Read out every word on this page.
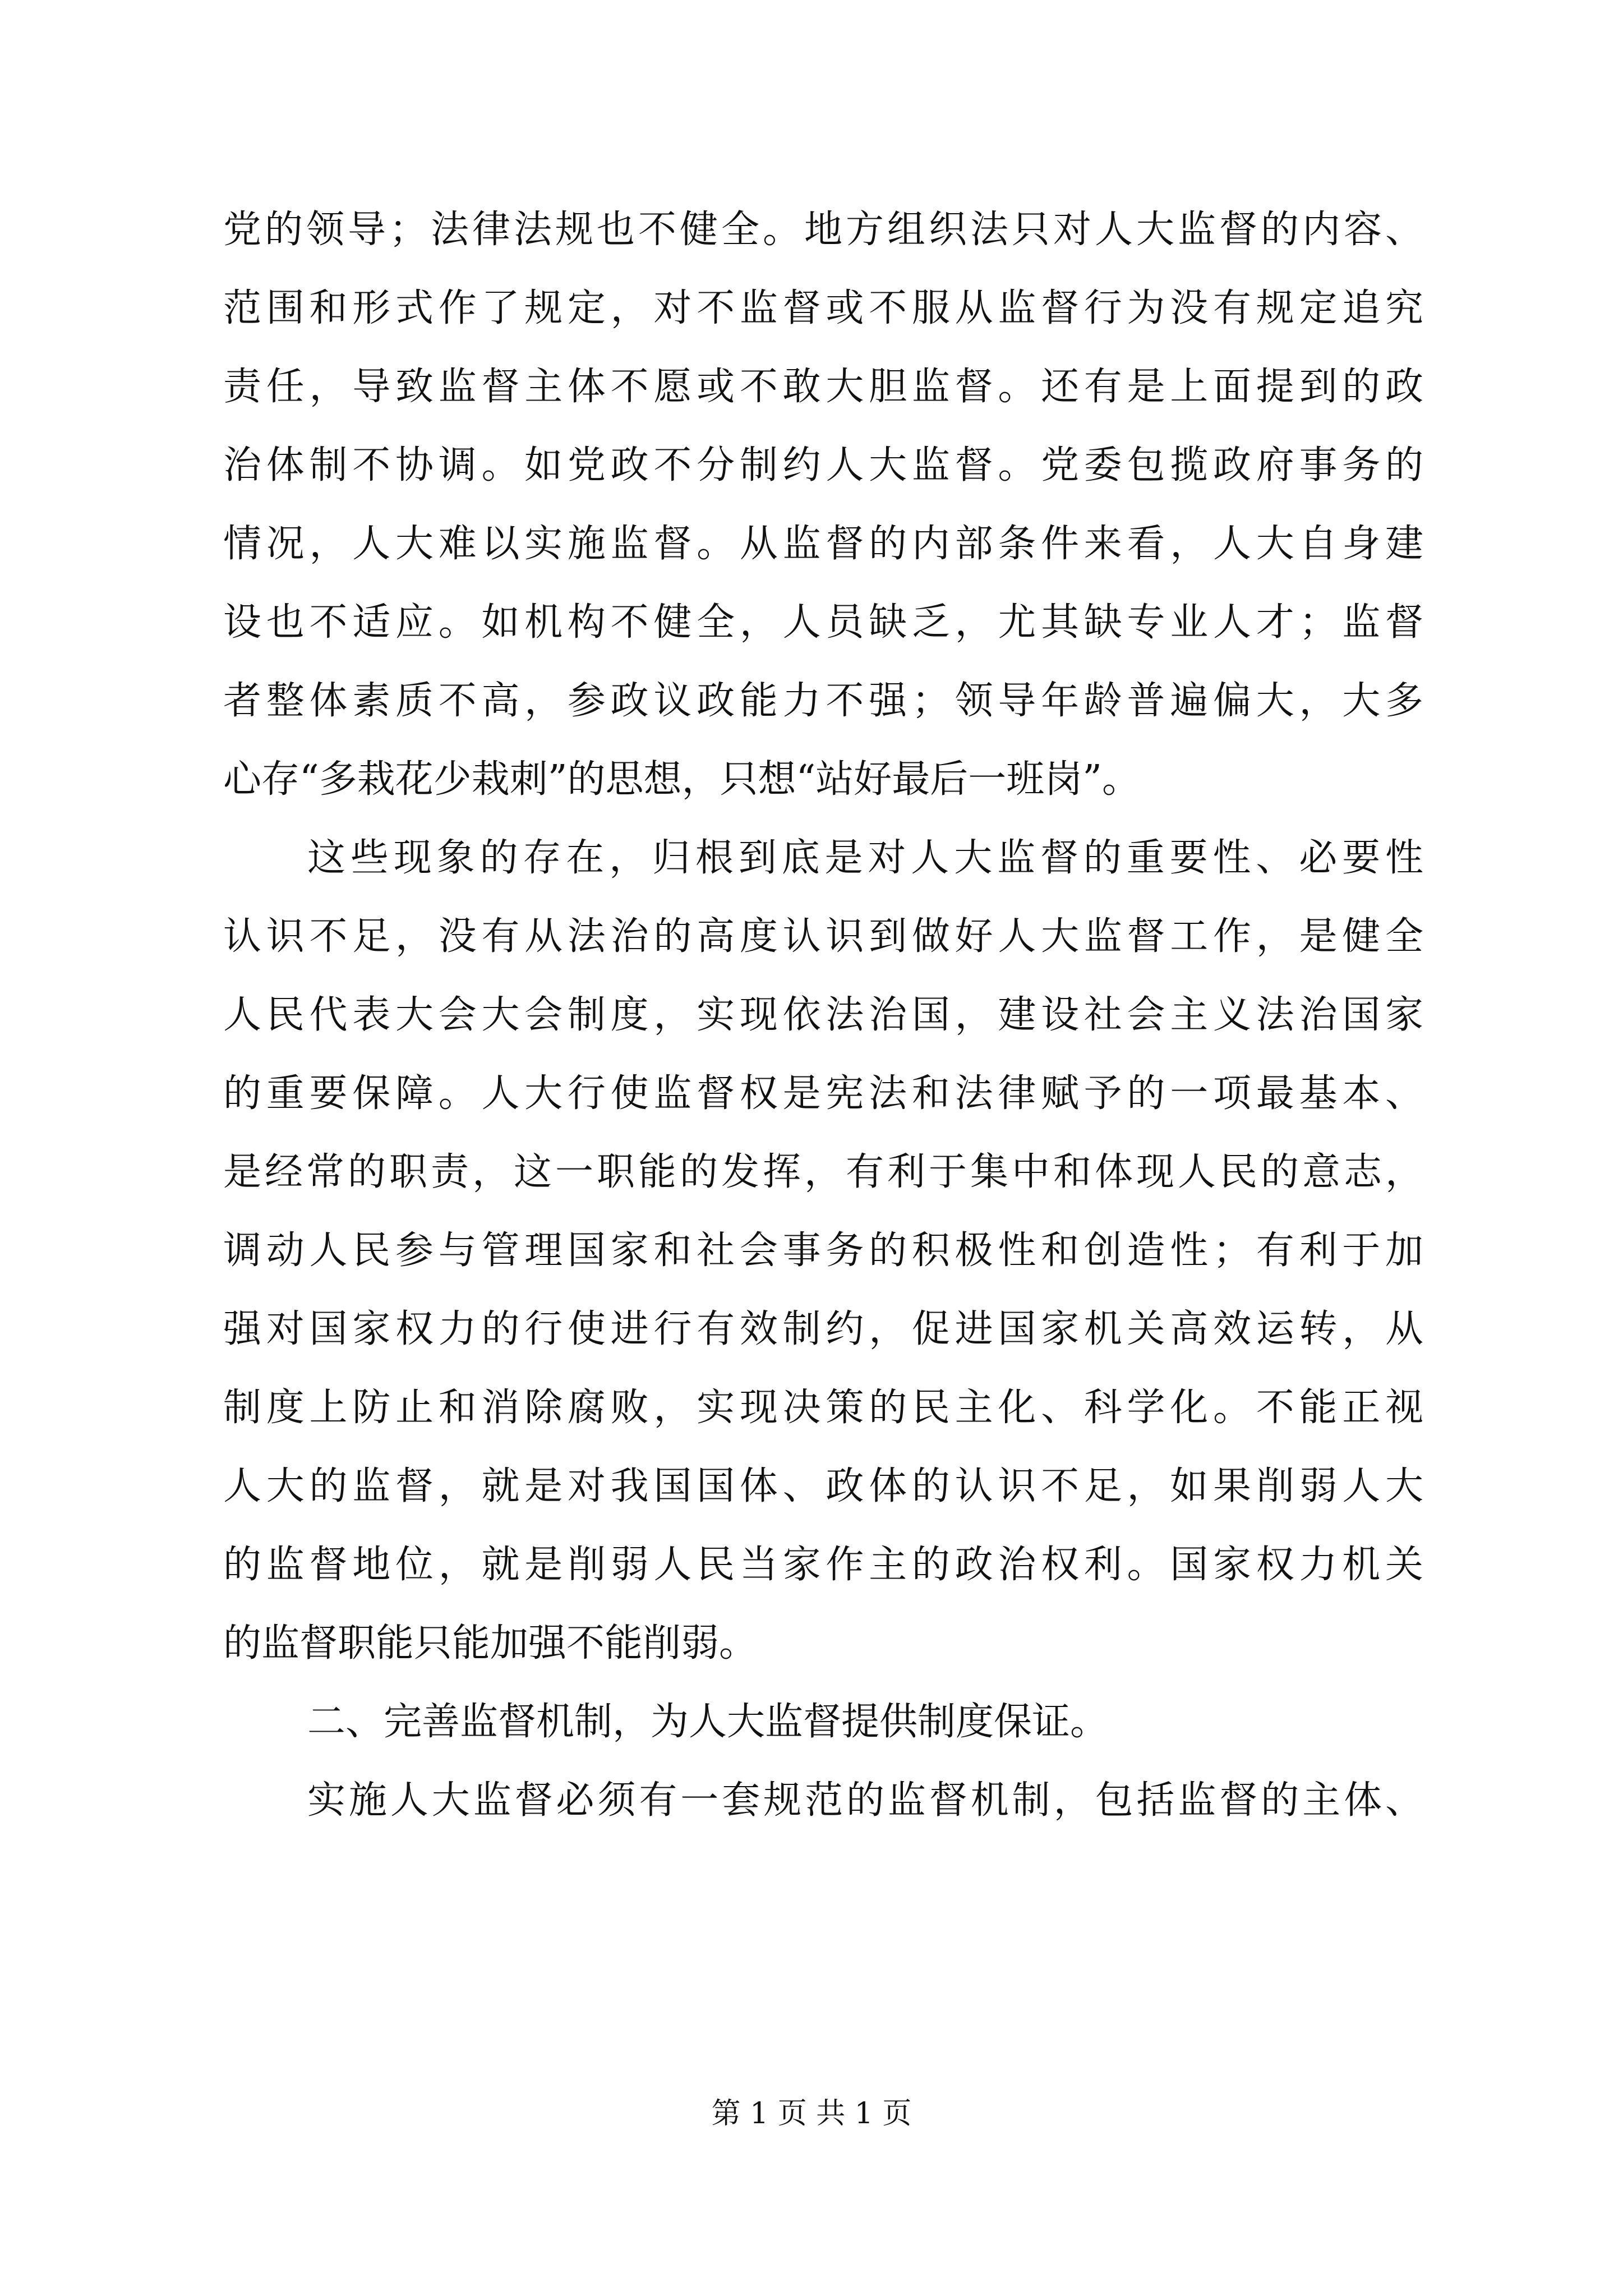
党的领导；法律法规也不健全。地方组织法只对人大监督的内容、
范围和形式作了规定，对不监督或不服从监督行为没有规定追究
责任，导致监督主体不愿或不敢大胆监督。还有是上面提到的政
治体制不协调。如党政不分制约人大监督。党委包揽政府事务的
情况，人大难以实施监督。从监督的内部条件来看，人大自身建
设也不适应。如机构不健全，人员缺乏，尤其缺专业人才；监督
者整体素质不高，参政议政能力不强；领导年龄普遍偏大，大多
心存“多栽花少栽刺”的思想，只想“站好最后一班岗”。
这些现象的存在，归根到底是对人大监督的重要性、必要性
认识不足，没有从法治的高度认识到做好人大监督工作，是健全
人民代表大会大会制度，实现依法治国，建设社会主义法治国家
的重要保障。人大行使监督权是宪法和法律赋予的一项最基本、
是经常的职责，这一职能的发挥，有利于集中和体现人民的意志，
调动人民参与管理国家和社会事务的积极性和创造性；有利于加
强对国家权力的行使进行有效制约，促进国家机关高效运转，从
制度上防止和消除腐败，实现决策的民主化、科学化。不能正视
人大的监督，就是对我国国体、政体的认识不足，如果削弱人大
的监督地位，就是削弱人民当家作主的政治权利。国家权力机关
的监督职能只能加强不能削弱。
二、完善监督机制，为人大监督提供制度保证。
实施人大监督必须有一套规范的监督机制，包括监督的主体、
第 1 页 共 1 页
